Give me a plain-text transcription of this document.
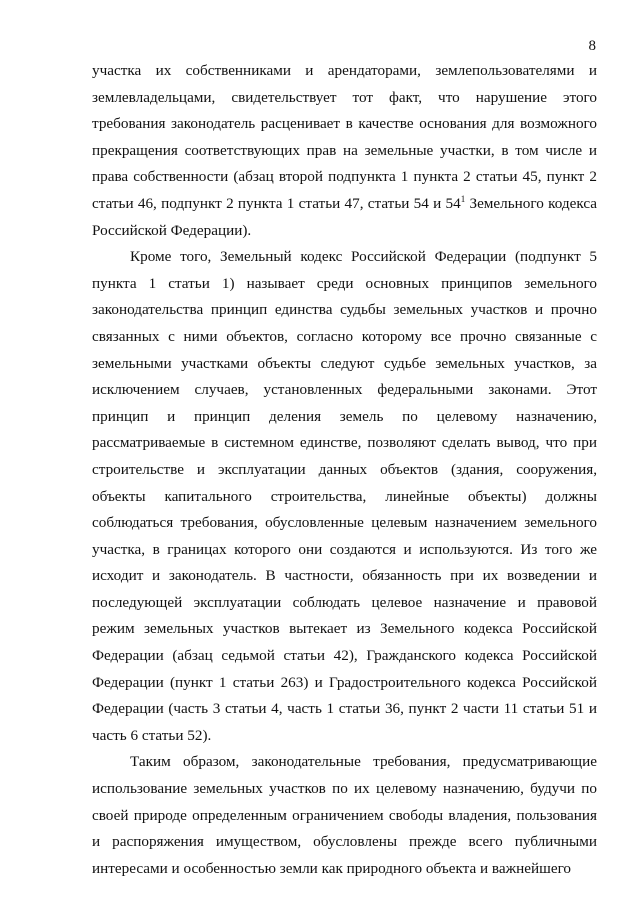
8

участка их собственниками и арендаторами, землепользователями и землевладельцами, свидетельствует тот факт, что нарушение этого требования законодатель расценивает в качестве основания для возможного прекращения соответствующих прав на земельные участки, в том числе и права собственности (абзац второй подпункта 1 пункта 2 статьи 45, пункт 2 статьи 46, подпункт 2 пункта 1 статьи 47, статьи 54 и $54^1$ Земельного кодекса Российской Федерации).

Кроме того, Земельный кодекс Российской Федерации (подпункт 5 пункта 1 статьи 1) называет среди основных принципов земельного законодательства принцип единства судьбы земельных участков и прочно связанных с ними объектов, согласно которому все прочно связанные с земельными участками объекты следуют судьбе земельных участков, за исключением случаев, установленных федеральными законами. Этот принцип и принцип деления земель по целевому назначению, рассматриваемые в системном единстве, позволяют сделать вывод, что при строительстве и эксплуатации данных объектов (здания, сооружения, объекты капитального строительства, линейные объекты) должны соблюдаться требования, обусловленные целевым назначением земельного участка, в границах которого они создаются и используются. Из того же исходит и законодатель. В частности, обязанность при их возведении и последующей эксплуатации соблюдать целевое назначение и правовой режим земельных участков вытекает из Земельного кодекса Российской Федерации (абзац седьмой статьи 42), Гражданского кодекса Российской Федерации (пункт 1 статьи 263) и Градостроительного кодекса Российской Федерации (часть 3 статьи 4, часть 1 статьи 36, пункт 2 части 11 статьи 51 и часть 6 статьи 52).

Таким образом, законодательные требования, предусматривающие использование земельных участков по их целевому назначению, будучи по своей природе определенным ограничением свободы владения, пользования и распоряжения имуществом, обусловлены прежде всего публичными интересами и особенностью земли как природного объекта и важнейшего
